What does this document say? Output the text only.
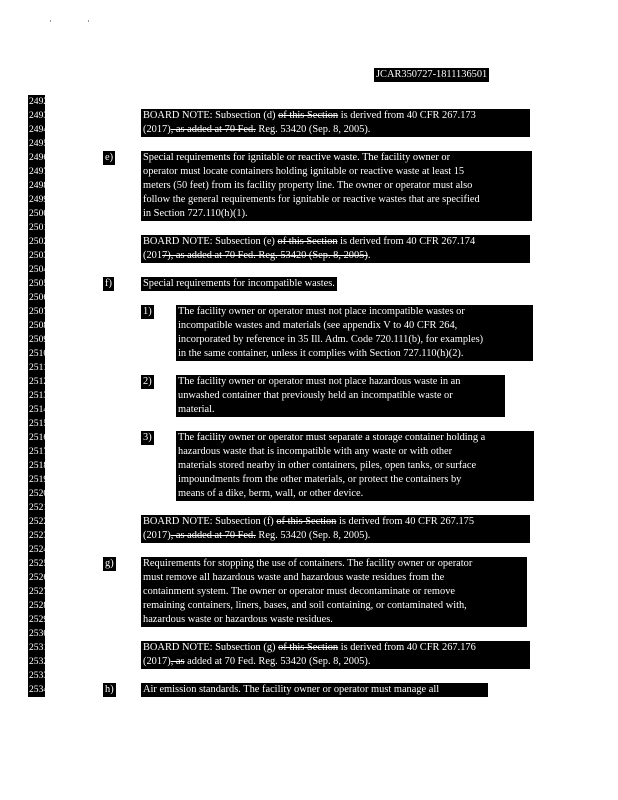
JCAR350727-1811136501
2492
2493
2494
2495
2496
2497
2498
2499
2500
2501
2502
2503
2504
2505
2506
2507
2508
2509
2510
2511
2512
2513
2514
2515
2516
2517
2518
2519
2520
2521
2522
2523
2524
2525
2526
2527
2528
2529
2530
2531
2532
2533
2534
BOARD NOTE: Subsection (d) of this Section is derived from 40 CFR 267.173
(2017), as added at 70 Fed. Reg. 53420 (Sep. 8, 2005).
e)	Special requirements for ignitable or reactive waste. The facility owner or
operator must locate containers holding ignitable or reactive waste at least 15
meters (50 feet) from its facility property line. The owner or operator must also
follow the general requirements for ignitable or reactive wastes that are specified
in Section 727.110(h)(1).
BOARD NOTE: Subsection (e) of this Section is derived from 40 CFR 267.174
(2017), as added at 70 Fed. Reg. 53420 (Sep. 8, 2005).
f)	Special requirements for incompatible wastes.
1)	The facility owner or operator must not place incompatible wastes or
incompatible wastes and materials (see appendix V to 40 CFR 264,
incorporated by reference in 35 Ill. Adm. Code 720.111(b), for examples)
in the same container, unless it complies with Section 727.110(h)(2).
2)	The facility owner or operator must not place hazardous waste in an
unwashed container that previously held an incompatible waste or
material.
3)	The facility owner or operator must separate a storage container holding a
hazardous waste that is incompatible with any waste or with other
materials stored nearby in other containers, piles, open tanks, or surface
impoundments from the other materials, or protect the containers by
means of a dike, berm, wall, or other device.
BOARD NOTE: Subsection (f) of this Section is derived from 40 CFR 267.175
(2017), as added at 70 Fed. Reg. 53420 (Sep. 8, 2005).
g)	Requirements for stopping the use of containers. The facility owner or operator
must remove all hazardous waste and hazardous waste residues from the
containment system. The owner or operator must decontaminate or remove
remaining containers, liners, bases, and soil containing, or contaminated with,
hazardous waste or hazardous waste residues.
BOARD NOTE: Subsection (g) of this Section is derived from 40 CFR 267.176
(2017), as added at 70 Fed. Reg. 53420 (Sep. 8, 2005).
h)	Air emission standards. The facility owner or operator must manage all
